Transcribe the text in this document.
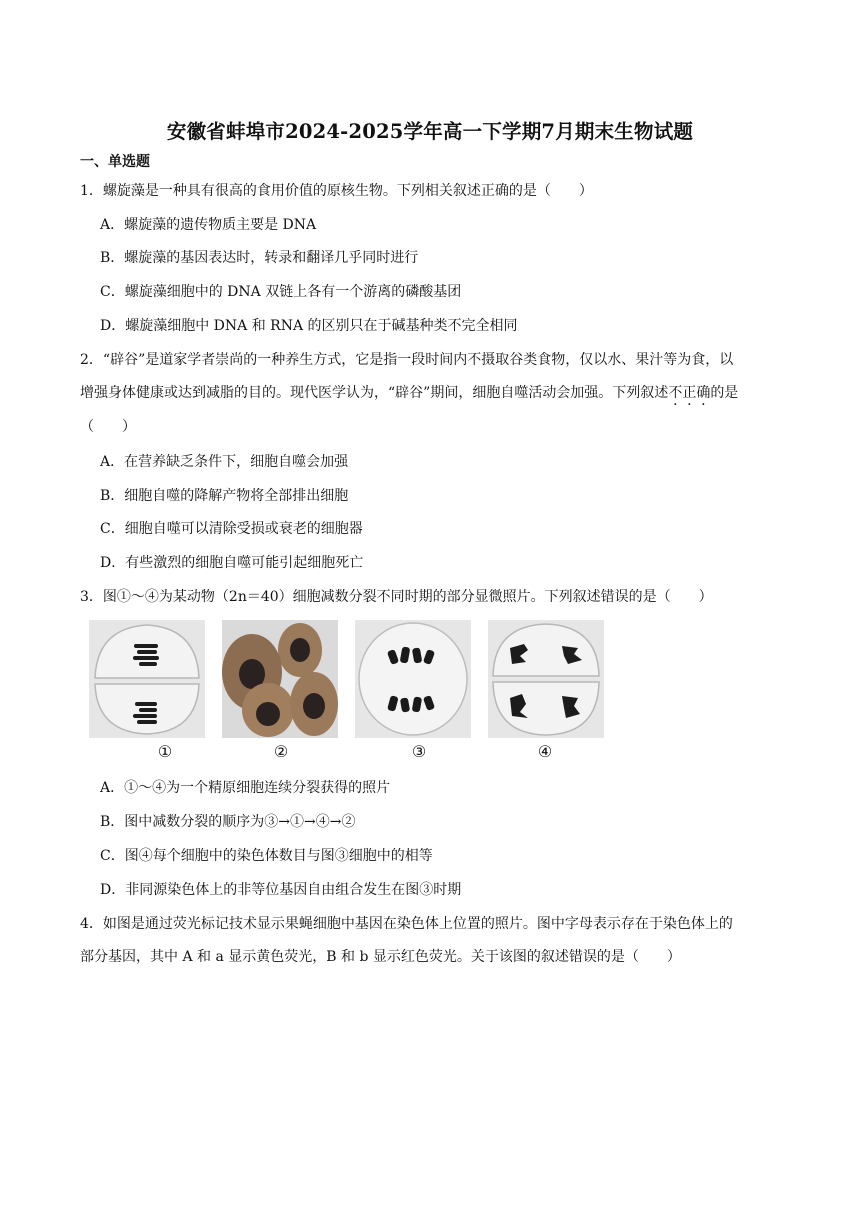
安徽省蚌埠市2024-2025学年高一下学期7月期末生物试题
一、单选题
1．螺旋藻是一种具有很高的食用价值的原核生物。下列相关叙述正确的是（　　）
A．螺旋藻的遗传物质主要是 DNA
B．螺旋藻的基因表达时，转录和翻译几乎同时进行
C．螺旋藻细胞中的 DNA 双链上各有一个游离的磷酸基团
D．螺旋藻细胞中 DNA 和 RNA 的区别只在于碱基种类不完全相同
2．“辟谷”是道家学者崇尚的一种养生方式，它是指一段时间内不摄取谷类食物，仅以水、果汁等为食，以
增强身体健康或达到减脂的目的。现代医学认为，“辟谷”期间，细胞自噬活动会加强。下列叙述不正确的是
（　　）
A．在营养缺乏条件下，细胞自噬会加强
B．细胞自噬的降解产物将全部排出细胞
C．细胞自噬可以清除受损或衰老的细胞器
D．有些激烈的细胞自噬可能引起细胞死亡
3．图①～④为某动物（2n＝40）细胞减数分裂不同时期的部分显微照片。下列叙述错误的是（　　）
①	②	③	④
A．①～④为一个精原细胞连续分裂获得的照片
B．图中减数分裂的顺序为③→①→④→②
C．图④每个细胞中的染色体数目与图③细胞中的相等
D．非同源染色体上的非等位基因自由组合发生在图③时期
4．如图是通过荧光标记技术显示果蝇细胞中基因在染色体上位置的照片。图中字母表示存在于染色体上的
部分基因，其中 A 和 a 显示黄色荧光，B 和 b 显示红色荧光。关于该图的叙述错误的是（　　）
